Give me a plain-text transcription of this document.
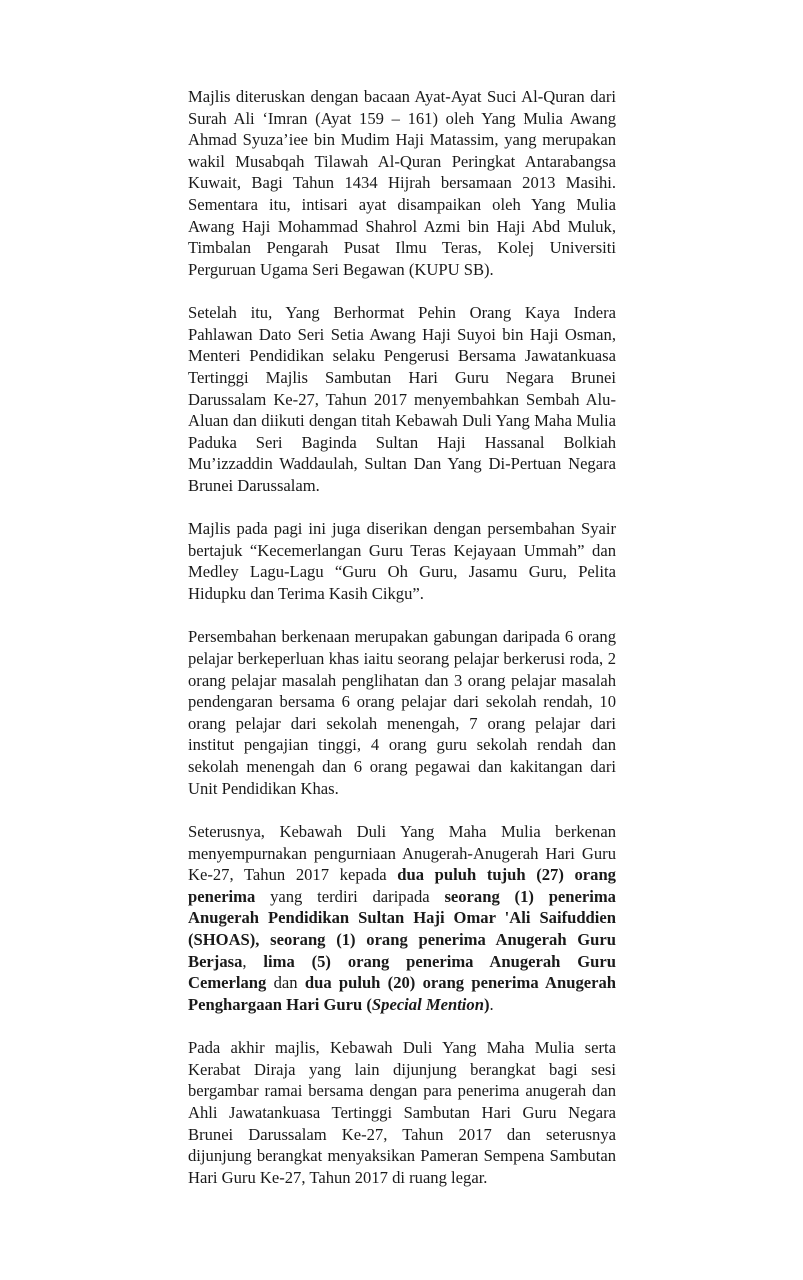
Majlis diteruskan dengan bacaan Ayat-Ayat Suci Al-Quran dari Surah Ali ‘Imran (Ayat 159 – 161) oleh Yang Mulia Awang Ahmad Syuza’iee bin Mudim Haji Matassim, yang merupakan wakil Musabqah Tilawah Al-Quran Peringkat Antarabangsa Kuwait, Bagi Tahun 1434 Hijrah bersamaan 2013 Masihi. Sementara itu, intisari ayat disampaikan oleh Yang Mulia Awang Haji Mohammad Shahrol Azmi bin Haji Abd Muluk, Timbalan Pengarah Pusat Ilmu Teras, Kolej Universiti Perguruan Ugama Seri Begawan (KUPU SB).

Setelah itu, Yang Berhormat Pehin Orang Kaya Indera Pahlawan Dato Seri Setia Awang Haji Suyoi bin Haji Osman, Menteri Pendidikan selaku Pengerusi Bersama Jawatankuasa Tertinggi Majlis Sambutan Hari Guru Negara Brunei Darussalam Ke-27, Tahun 2017 menyembahkan Sembah Alu-Aluan dan diikuti dengan titah Kebawah Duli Yang Maha Mulia Paduka Seri Baginda Sultan Haji Hassanal Bolkiah Mu’izzaddin Waddaulah, Sultan Dan Yang Di-Pertuan Negara Brunei Darussalam.

Majlis pada pagi ini juga diserikan dengan persembahan Syair bertajuk “Kecemerlangan Guru Teras Kejayaan Ummah” dan Medley Lagu-Lagu “Guru Oh Guru, Jasamu Guru, Pelita Hidupku dan Terima Kasih Cikgu”.

Persembahan berkenaan merupakan gabungan daripada 6 orang pelajar berkeperluan khas iaitu seorang pelajar berkerusi roda, 2 orang pelajar masalah penglihatan dan 3 orang pelajar masalah pendengaran bersama 6 orang pelajar dari sekolah rendah, 10 orang pelajar dari sekolah menengah, 7 orang pelajar dari institut pengajian tinggi, 4 orang guru sekolah rendah dan sekolah menengah dan 6 orang pegawai dan kakitangan dari Unit Pendidikan Khas.

Seterusnya, Kebawah Duli Yang Maha Mulia berkenan menyempurnakan pengurniaan Anugerah-Anugerah Hari Guru Ke-27, Tahun 2017 kepada dua puluh tujuh (27) orang penerima yang terdiri daripada seorang (1) penerima Anugerah Pendidikan Sultan Haji Omar 'Ali Saifuddien (SHOAS), seorang (1) orang penerima Anugerah Guru Berjasa, lima (5) orang penerima Anugerah Guru Cemerlang dan dua puluh (20) orang penerima Anugerah Penghargaan Hari Guru (Special Mention).

Pada akhir majlis, Kebawah Duli Yang Maha Mulia serta Kerabat Diraja yang lain dijunjung berangkat bagi sesi bergambar ramai bersama dengan para penerima anugerah dan Ahli Jawatankuasa Tertinggi Sambutan Hari Guru Negara Brunei Darussalam Ke-27, Tahun 2017 dan seterusnya dijunjung berangkat menyaksikan Pameran Sempena Sambutan Hari Guru Ke-27, Tahun 2017 di ruang legar.
